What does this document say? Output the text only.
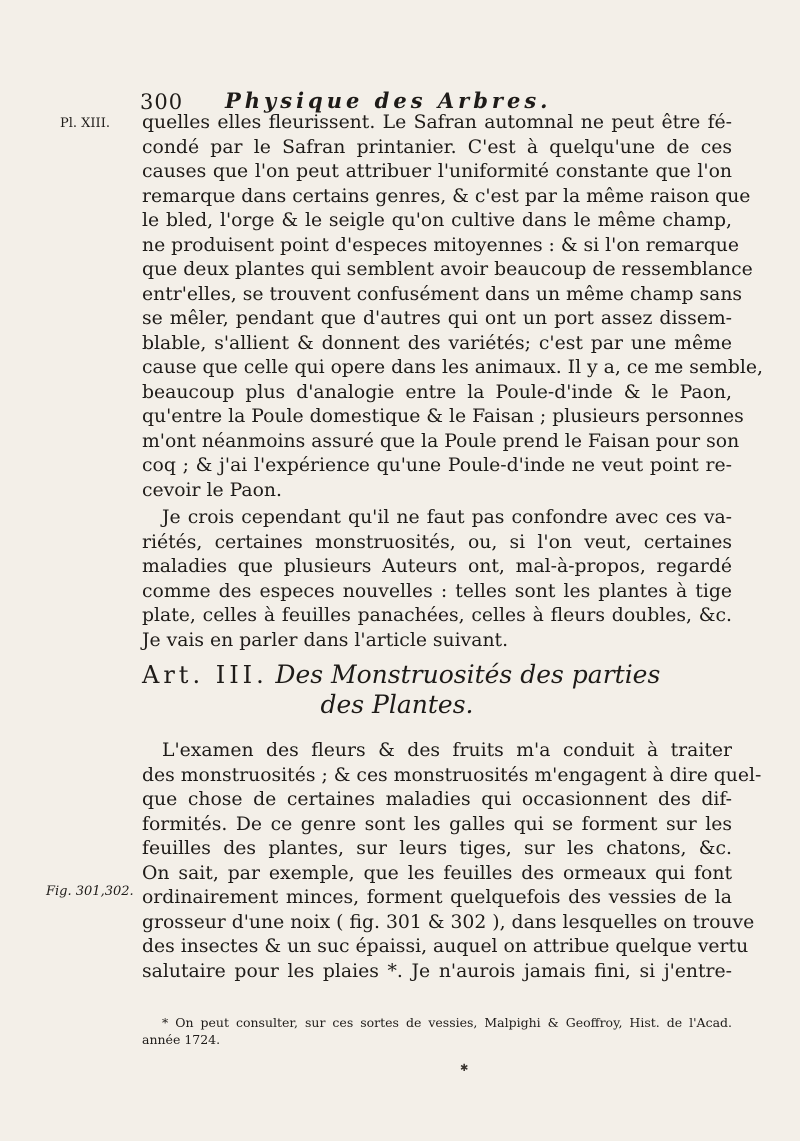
300 Physique des Arbres.
Pl. XIII.
Fig. 301,302.
quelles elles fleurissent. Le Safran automnal ne peut être fé-
condé par le Safran printanier. C'est à quelqu'une de ces
causes que l'on peut attribuer l'uniformité constante que l'on
remarque dans certains genres, & c'est par la même raison que
le bled, l'orge & le seigle qu'on cultive dans le même champ,
ne produisent point d'especes mitoyennes : & si l'on remarque
que deux plantes qui semblent avoir beaucoup de ressemblance
entr'elles, se trouvent confusément dans un même champ sans
se mêler, pendant que d'autres qui ont un port assez dissem-
blable, s'allient & donnent des variétés; c'est par une même
cause que celle qui opere dans les animaux. Il y a, ce me semble,
beaucoup plus d'analogie entre la Poule-d'inde & le Paon,
qu'entre la Poule domestique & le Faisan ; plusieurs personnes
m'ont néanmoins assuré que la Poule prend le Faisan pour son
coq ; & j'ai l'expérience qu'une Poule-d'inde ne veut point re-
cevoir le Paon.
Je crois cependant qu'il ne faut pas confondre avec ces va-
riétés, certaines monstruosités, ou, si l'on veut, certaines
maladies que plusieurs Auteurs ont, mal-à-propos, regardé
comme des especes nouvelles : telles sont les plantes à tige
plate, celles à feuilles panachées, celles à fleurs doubles, &c.
Je vais en parler dans l'article suivant.
Art. III. Des Monstruosités des parties
des Plantes.
L'examen des fleurs & des fruits m'a conduit à traiter
des monstruosités ; & ces monstruosités m'engagent à dire quel-
que chose de certaines maladies qui occasionnent des dif-
formités. De ce genre sont les galles qui se forment sur les
feuilles des plantes, sur leurs tiges, sur les chatons, &c.
On sait, par exemple, que les feuilles des ormeaux qui font
ordinairement minces, forment quelquefois des vessies de la
grosseur d'une noix ( fig. 301 & 302 ), dans lesquelles on trouve
des insectes & un suc épaissi, auquel on attribue quelque vertu
salutaire pour les plaies *. Je n'aurois jamais fini, si j'entre-
* On peut consulter, sur ces sortes de vessies, Malpighi & Geoffroy, Hist. de l'Acad.
année 1724.
✱
